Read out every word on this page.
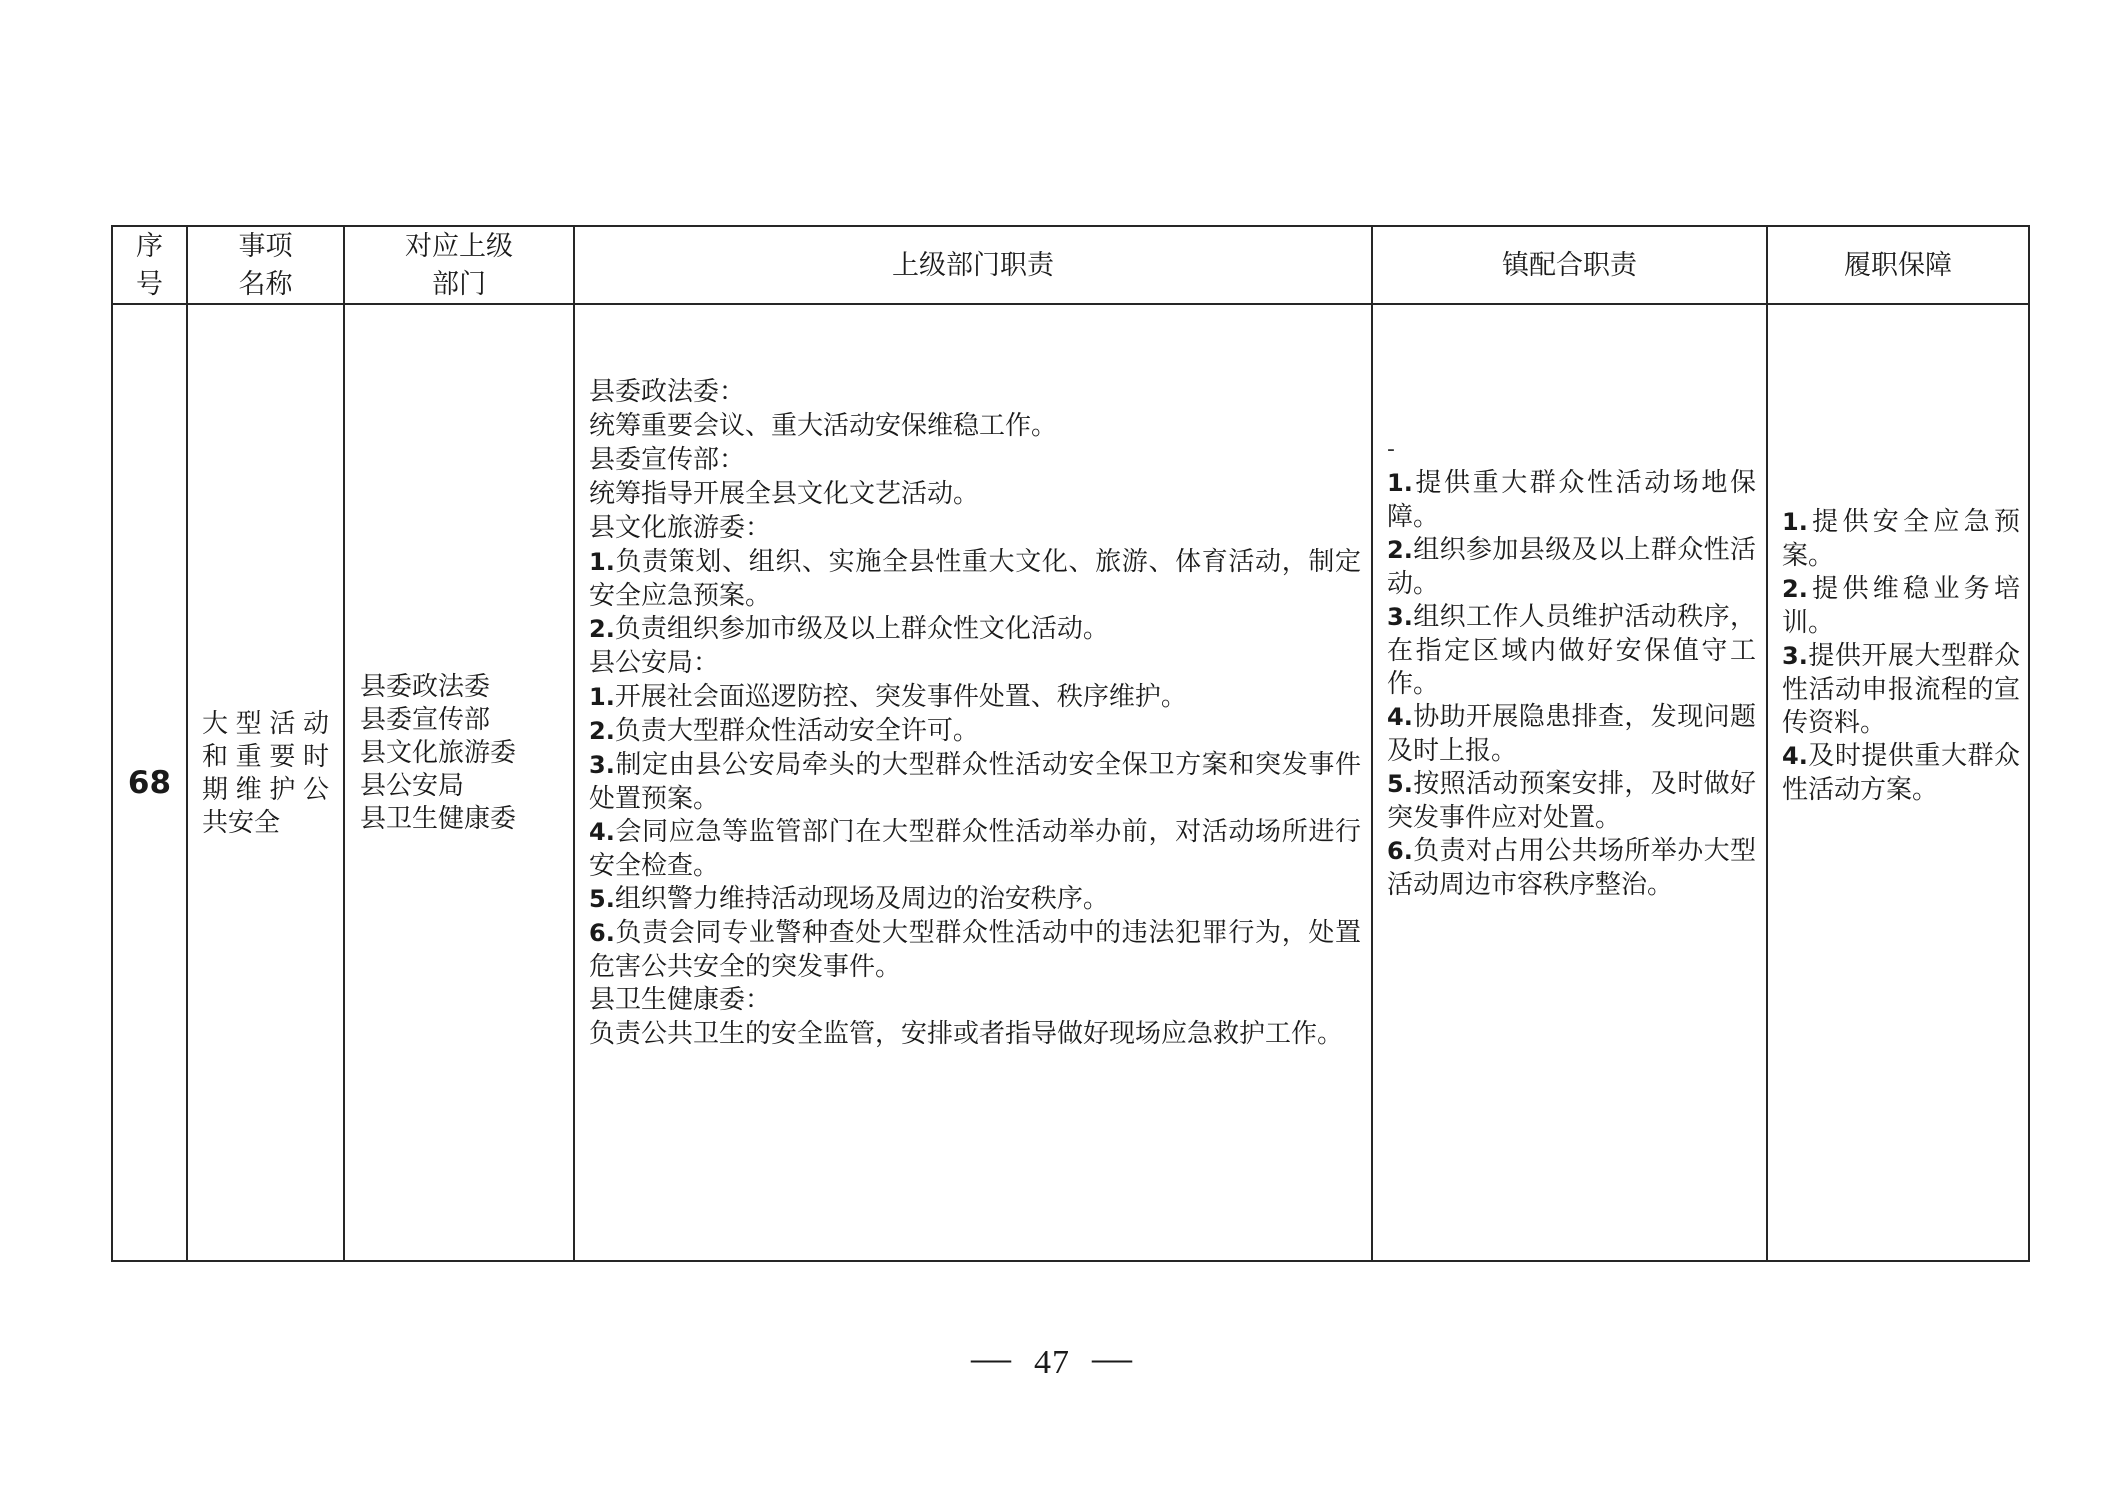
序
号
事项
名称
对应上级
部门
上级部门职责	镇配合职责	履职保障
68
大型活动和重要时期维护公共安全
县委政法委
县委宣传部
县文化旅游委
县公安局
县卫生健康委

县委政法委：

统筹重要会议、重大活动安保维稳工作。

县委宣传部：

统筹指导开展全县文化文艺活动。

县文化旅游委：

1.负责策划、组织、实施全县性重大文化、旅游、体育活动，制定安全应急预案。

2.负责组织参加市级及以上群众性文化活动。

县公安局：

1.开展社会面巡逻防控、突发事件处置、秩序维护。

2.负责大型群众性活动安全许可。

3.制定由县公安局牵头的大型群众性活动安全保卫方案和突发事件处置预案。

4.会同应急等监管部门在大型群众性活动举办前，对活动场所进行安全检查。

5.组织警力维持活动现场及周边的治安秩序。

6.负责会同专业警种查处大型群众性活动中的违法犯罪行为，处置危害公共安全的突发事件。

县卫生健康委：

负责公共卫生的安全监管，安排或者指导做好现场应急救护工作。

-

1.提供重大群众性活动场地保障。

2.组织参加县级及以上群众性活动。

3.组织工作人员维护活动秩序，在指定区域内做好安保值守工作。

4.协助开展隐患排查，发现问题及时上报。

5.按照活动预案安排，及时做好突发事件应对处置。

6.负责对占用公共场所举办大型活动周边市容秩序整治。

1.提供安全应急预案。

2.提供维稳业务培训。

3.提供开展大型群众性活动申报流程的宣传资料。

4.及时提供重大群众性活动方案。

— 47 —
